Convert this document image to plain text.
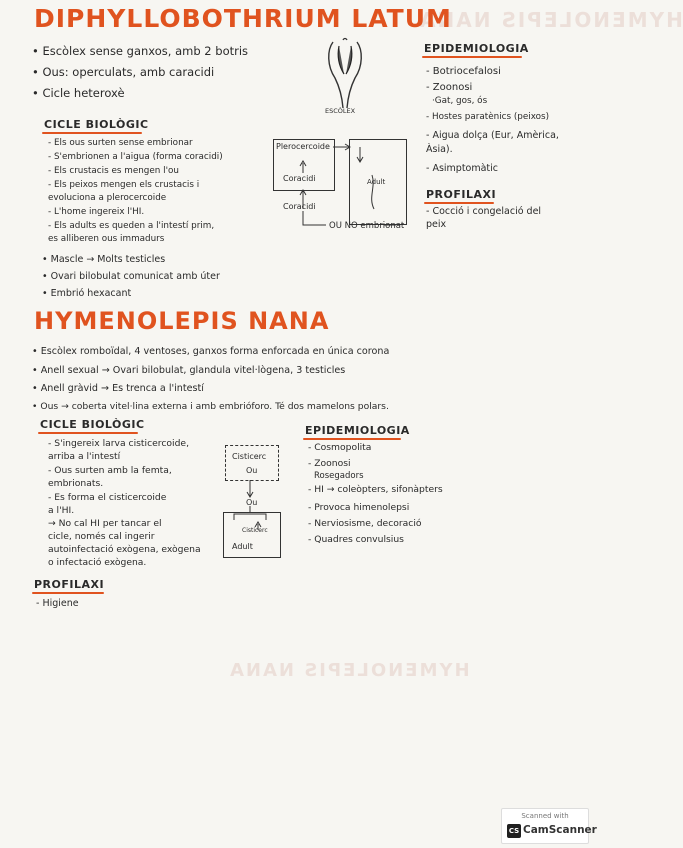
HYMENOLEPIS NANA
HYMENOLEPIS NANA
DIPHYLLOBOTHRIUM LATUM
• Escòlex sense ganxos, amb 2 botris
• Ous: operculats, amb caracidi
• Cicle heteroxè
ESCÒLEX
CICLE BIOLÒGIC
- Els ous surten sense embrionar
- S'embrionen a l'aigua (forma coracidi)
- Els crustacis es mengen l'ou
- Els peixos mengen els crustacis i
evoluciona a plerocercoide
- L'home ingereix l'HI.
- Els adults es queden a l'intestí prim,
es alliberen ous immadurs
Plerocercoide
Coracidi	Adult
Coracidi
OU NO embrionat
EPIDEMIOLOGIA
- Botriocefalosi
- Zoonosi
·Gat, gos, ós
- Hostes paratènics (peixos)
- Aigua dolça (Eur, Amèrica,
Àsia).
- Asimptomàtic
PROFILAXI
- Cocció i congelació del
peix
• Mascle → Molts testicles
• Ovari bilobulat comunicat amb úter
• Embrió hexacant
HYMENOLEPIS NANA
• Escòlex romboïdal, 4 ventoses, ganxos forma enforcada en única corona
• Anell sexual → Ovari bilobulat, glandula vitel·lògena, 3 testicles
• Anell gràvid → Es trenca a l'intestí
• Ous → coberta vitel·lina externa i amb embrióforo. Té dos mamelons polars.
CICLE BIOLÒGIC
- S'ingereix larva cisticercoide,
arriba a l'intestí
- Ous surten amb la femta,
embrionats.
- Es forma el cisticercoide
a l'HI.
→ No cal HI per tancar el
cicle, només cal ingerir
autoinfectació exògena, exògena
o infectació exògena.
Cisticerc
Ou
Ou
Cisticerc
Adult
EPIDEMIOLOGIA
- Cosmopolita
- Zoonosi
Rosegadors
- HI → coleòpters, sifonàpters
- Provoca himenolepsi
- Nerviosisme, decoració
- Quadres convulsius
PROFILAXI
- Higiene
Scanned with
CS CamScanner
